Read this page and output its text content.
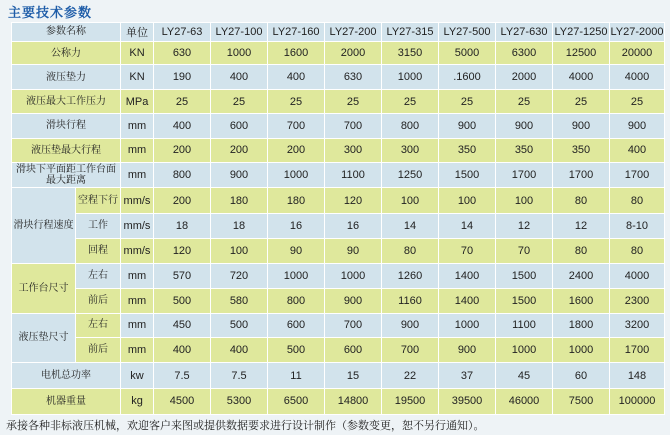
主要技术参数
参数名称		单位	LY27-63	LY27-100	LY27-160	LY27-200	LY27-315	LY27-500	LY27-630	LY27-1250	LY27-2000
公称力		KN	630	1000	1600	2000	3150	5000	6300	12500	20000
液压垫力		KN	190	400	400	630	1000	.1600	2000	4000	4000
液压最大工作压力		MPa	25	25	25	25	25	25	25	25	25
滑块行程		mm	400	600	700	700	800	900	900	900	900
液压垫最大行程		mm	200	200	200	300	300	350	350	350	400
滑块下平面距工作台面最大距离		mm	800	900	1000	1100	1250	1500	1700	1700	1700
滑块行程速度	空程下行	mm/s	200	180	180	120	100	100	100	80	80
	工作	mm/s	18	18	16	16	14	14	12	12	8-10
	回程	mm/s	120	100	90	90	80	70	70	80	80
工作台尺寸	左右	mm	570	720	1000	1000	1260	1400	1500	2400	4000
	前后	mm	500	580	800	900	1160	1400	1500	1600	2300
液压垫尺寸	左右	mm	450	500	600	700	900	1000	1100	1800	3200
	前后	mm	400	400	500	600	700	900	1000	1000	1700
电机总功率		kw	7.5	7.5	11	15	22	37	45	60	148
机器重量		kg	4500	5300	6500	14800	19500	39500	46000	7500	100000
承接各种非标液压机械，欢迎客户来图或提供数据要求进行设计制作（参数变更，恕不另行通知）。
